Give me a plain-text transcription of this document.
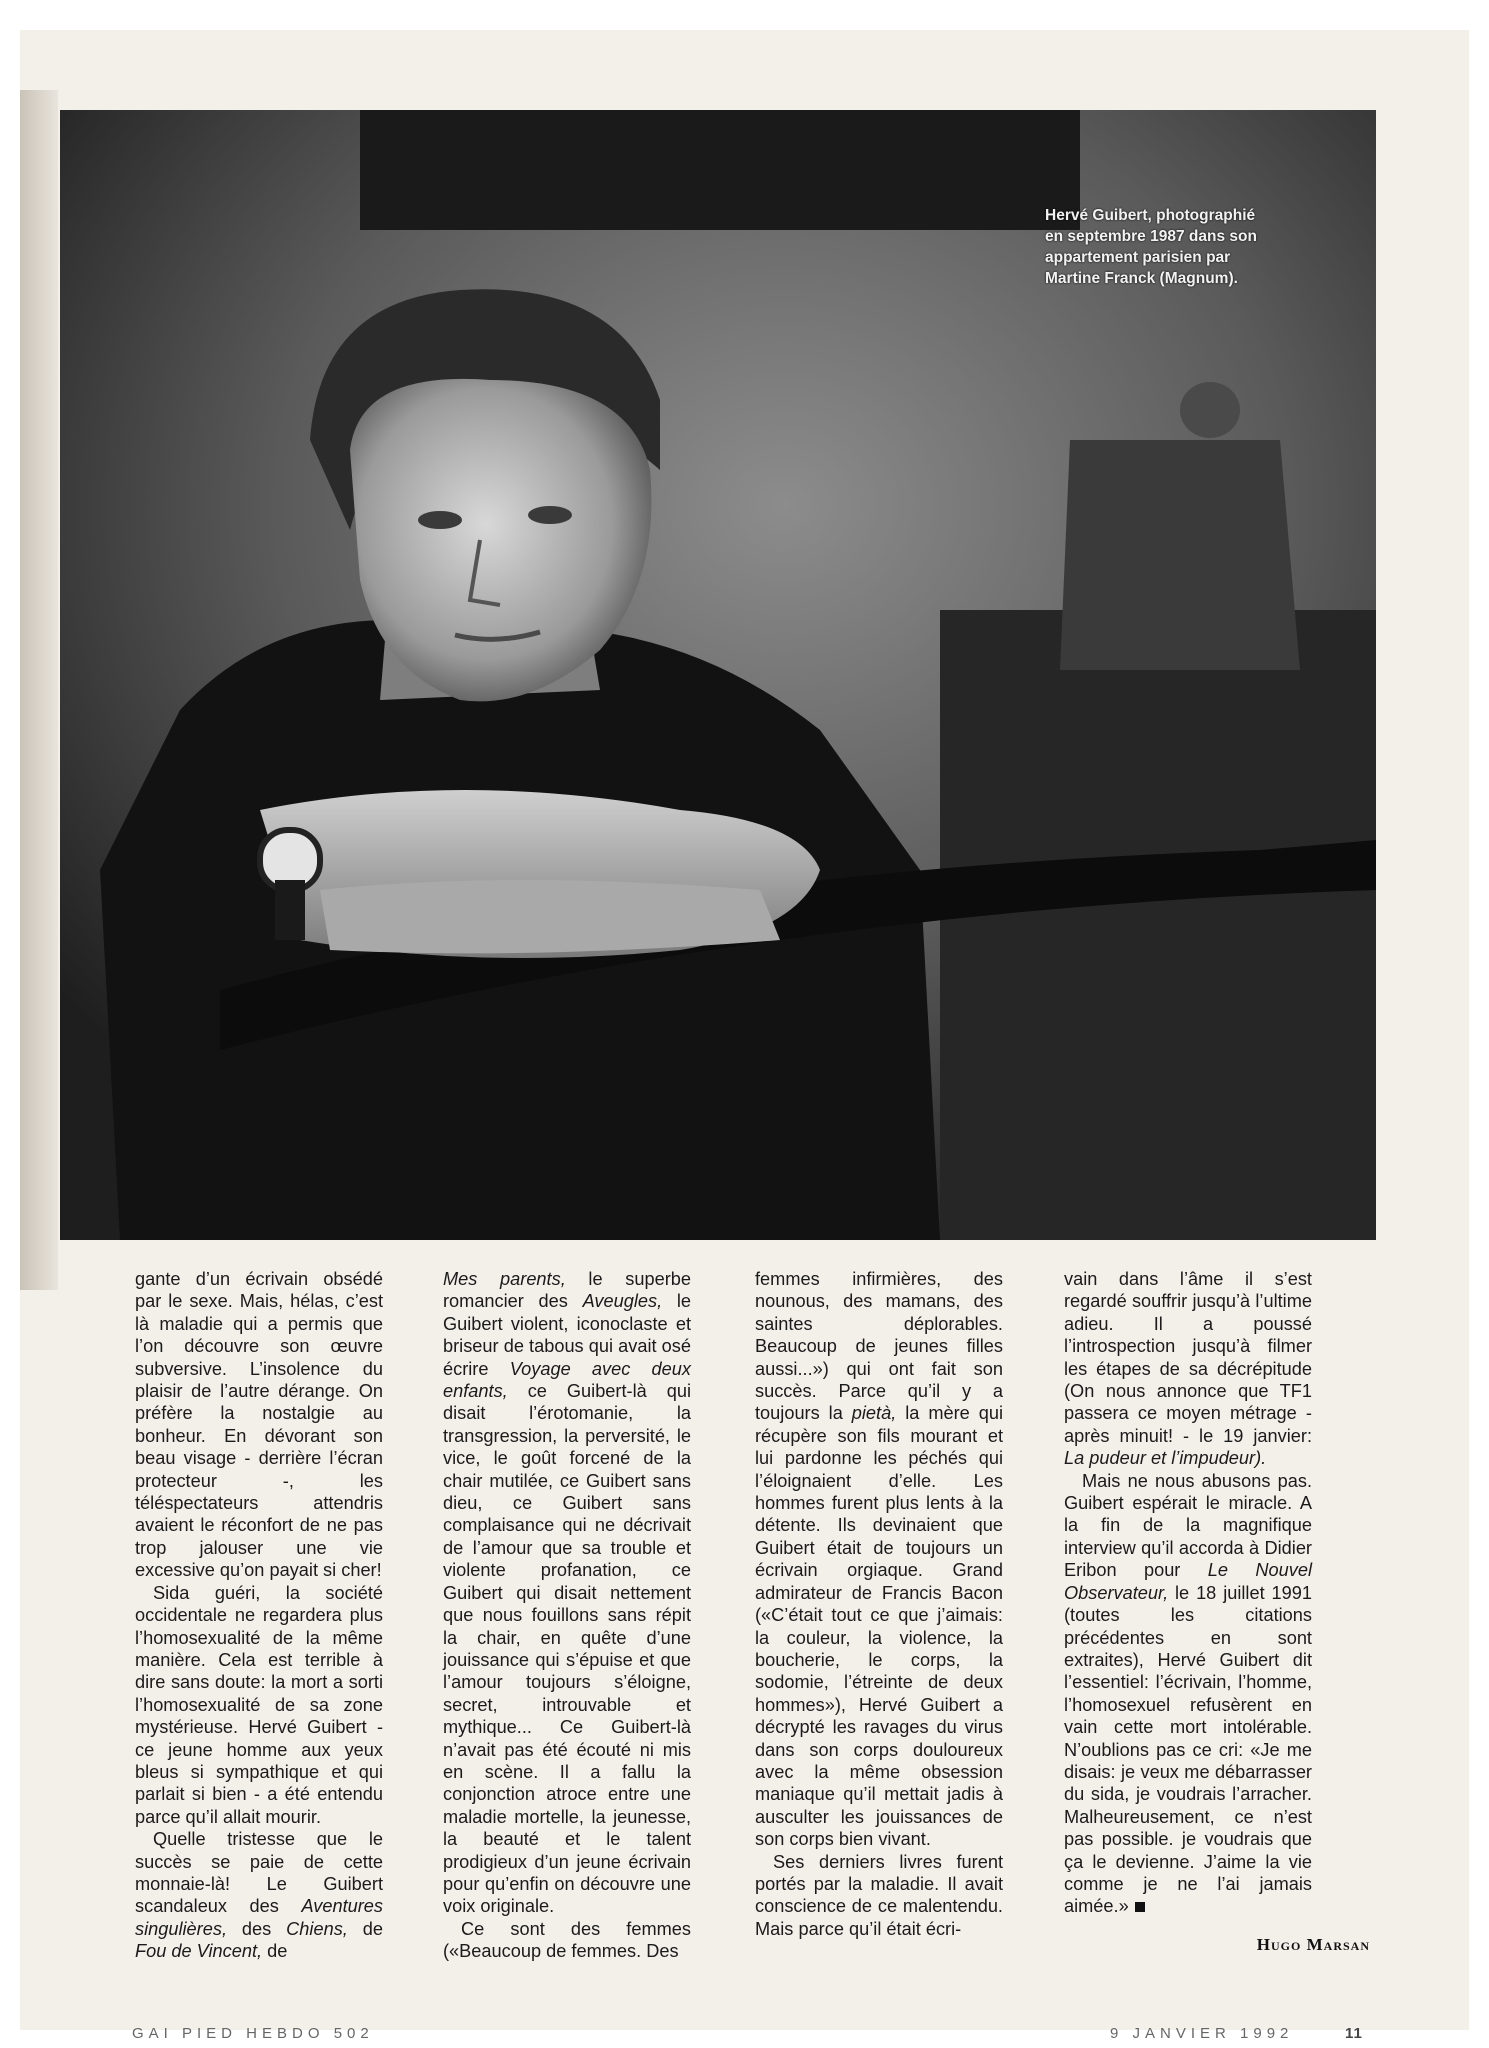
Hervé Guibert, photographié
en septembre 1987 dans son
appartement parisien par
Martine Franck (Magnum).

gante d’un écrivain obsédé par le sexe. Mais, hélas, c’est là maladie qui a permis que l’on découvre son œuvre subversive. L’insolence du plaisir de l’autre dérange. On préfère la nostalgie au bonheur. En dévorant son beau visage - derrière l’écran protecteur -, les téléspectateurs attendris avaient le réconfort de ne pas trop jalouser une vie excessive qu’on payait si cher!

Sida guéri, la société occidentale ne regardera plus l’homosexualité de la même manière. Cela est terrible à dire sans doute: la mort a sorti l’homosexualité de sa zone mystérieuse. Hervé Guibert - ce jeune homme aux yeux bleus si sympathique et qui parlait si bien - a été entendu parce qu’il allait mourir.

Quelle tristesse que le succès se paie de cette monnaie-là! Le Guibert scandaleux des Aventures singulières, des Chiens, de Fou de Vincent, de

Mes parents, le superbe romancier des Aveugles, le Guibert violent, iconoclaste et briseur de tabous qui avait osé écrire Voyage avec deux enfants, ce Guibert-là qui disait l’érotomanie, la transgression, la perversité, le vice, le goût forcené de la chair mutilée, ce Guibert sans dieu, ce Guibert sans complaisance qui ne décrivait de l’amour que sa trouble et violente profanation, ce Guibert qui disait nettement que nous fouillons sans répit la chair, en quête d’une jouissance qui s’épuise et que l’amour toujours s’éloigne, secret, introuvable et mythique... Ce Guibert-là n’avait pas été écouté ni mis en scène. Il a fallu la conjonction atroce entre une maladie mortelle, la jeunesse, la beauté et le talent prodigieux d’un jeune écrivain pour qu’enfin on découvre une voix originale.

Ce sont des femmes («Beaucoup de femmes. Des

femmes infirmières, des nounous, des mamans, des saintes déplorables. Beaucoup de jeunes filles aussi...») qui ont fait son succès. Parce qu’il y a toujours la pietà, la mère qui récupère son fils mourant et lui pardonne les péchés qui l’éloignaient d’elle. Les hommes furent plus lents à la détente. Ils devinaient que Guibert était de toujours un écrivain orgiaque. Grand admirateur de Francis Bacon («C’était tout ce que j’aimais: la couleur, la violence, la boucherie, le corps, la sodomie, l’étreinte de deux hommes»), Hervé Guibert a décrypté les ravages du virus dans son corps douloureux avec la même obsession maniaque qu’il mettait jadis à ausculter les jouissances de son corps bien vivant.

Ses derniers livres furent portés par la maladie. Il avait conscience de ce malentendu. Mais parce qu’il était écri-

vain dans l’âme il s’est regardé souffrir jusqu’à l’ultime adieu. Il a poussé l’introspection jusqu’à filmer les étapes de sa décrépitude (On nous annonce que TF1 passera ce moyen métrage - après minuit! - le 19 janvier: La pudeur et l’impudeur).

Mais ne nous abusons pas. Guibert espérait le miracle. A la fin de la magnifique interview qu’il accorda à Didier Eribon pour Le Nouvel Observateur, le 18 juillet 1991 (toutes les citations précédentes en sont extraites), Hervé Guibert dit l’essentiel: l’écrivain, l’homme, l’homosexuel refusèrent en vain cette mort intolérable. N’oublions pas ce cri: «Je me disais: je veux me débarrasser du sida, je voudrais l’arracher. Malheureusement, ce n’est pas possible. je voudrais que ça le devienne. J’aime la vie comme je ne l’ai jamais aimée.»

Hugo Marsan
GAI PIED HEBDO 502	9 JANVIER 1992	11
